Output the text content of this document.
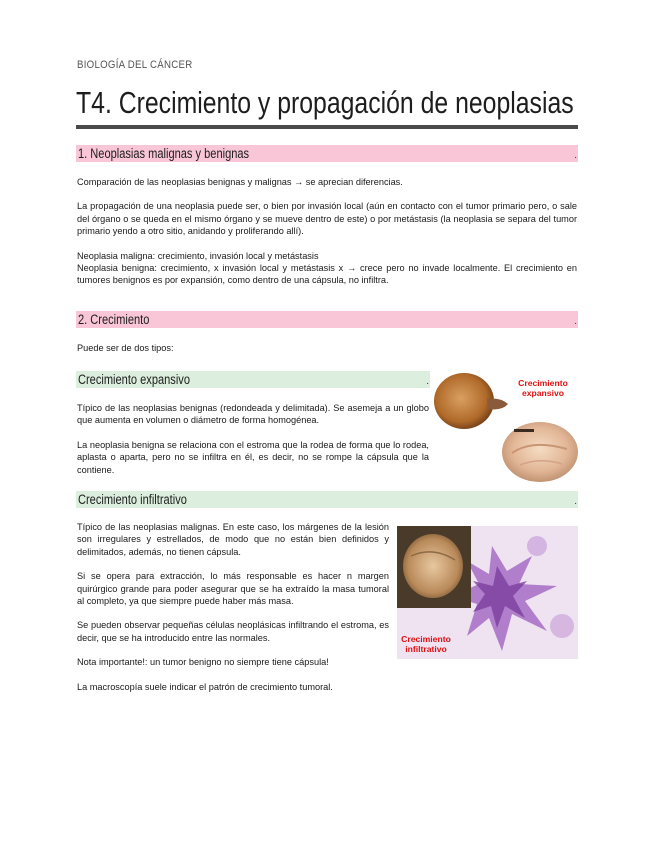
BIOLOGÍA DEL CÁNCER
T4. Crecimiento y propagación de neoplasias
1. Neoplasias malignas y benignas	.
Comparación de las neoplasias benignas y malignas → se aprecian diferencias.
La propagación de una neoplasia puede ser, o bien por invasión local (aún en contacto con el tumor primario pero, o sale del órgano o se queda en el mismo órgano y se mueve dentro de este) o por metástasis (la neoplasia se separa del tumor primario yendo a otro sitio, anidando y proliferando allí).
Neoplasia maligna: crecimiento, invasión local y metástasis
Neoplasia benigna: crecimiento, x invasión local y metástasis x → crece pero no invade localmente. El crecimiento en tumores benignos es por expansión, como dentro de una cápsula, no infiltra.
2. Crecimiento	.
Puede ser de dos tipos:
Crecimiento expansivo	.
Típico de las neoplasias benignas (redondeada y delimitada). Se asemeja a un globo que aumenta en volumen o diámetro de forma homogénea.
La neoplasia benigna se relaciona con el estroma que la rodea de forma que lo rodea, aplasta o aparta, pero no se infiltra en él, es decir, no se rompe la cápsula que la contiene.
Crecimiento
expansivo
Crecimiento infiltrativo	.
Típico de las neoplasias malignas. En este caso, los márgenes de la lesión son irregulares y estrellados, de modo que no están bien definidos y delimitados, además, no tienen cápsula.
Si se opera para extracción, lo más responsable es hacer n margen quirúrgico grande para poder asegurar que se ha extraído la masa tumoral al completo, ya que siempre puede haber más masa.
Se pueden observar pequeñas células neoplásicas infiltrando el estroma, es decir, que se ha introducido entre las normales.
Nota importante!: un tumor benigno no siempre tiene cápsula!
La macroscopía suele indicar el patrón de crecimiento tumoral.
Crecimiento
infiltrativo
